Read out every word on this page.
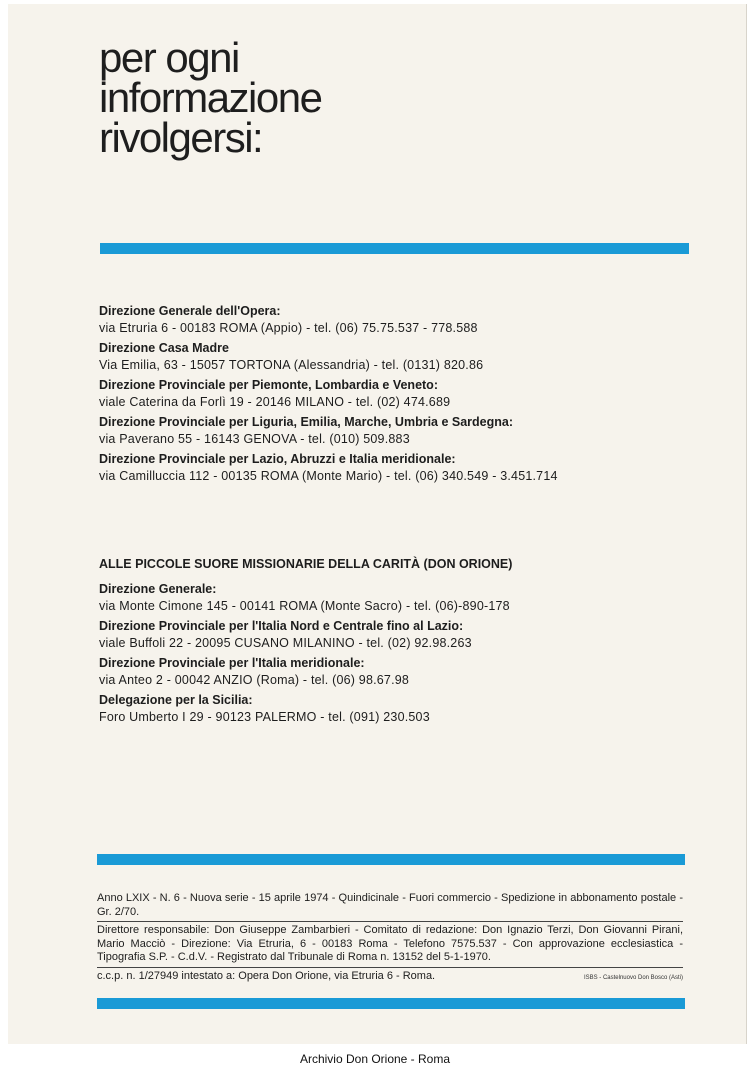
per ogni
informazione
rivolgersi:
Direzione Generale dell'Opera:
via Etruria 6 - 00183 ROMA (Appio) - tel. (06) 75.75.537 - 778.588
Direzione Casa Madre
Via Emilia, 63 - 15057 TORTONA (Alessandria) - tel. (0131) 820.86
Direzione Provinciale per Piemonte, Lombardia e Veneto:
viale Caterina da Forlì 19 - 20146 MILANO - tel. (02) 474.689
Direzione Provinciale per Liguria, Emilia, Marche, Umbria e Sardegna:
via Paverano 55 - 16143 GENOVA - tel. (010) 509.883
Direzione Provinciale per Lazio, Abruzzi e Italia meridionale:
via Camilluccia 112 - 00135 ROMA (Monte Mario) - tel. (06) 340.549 - 3.451.714
ALLE PICCOLE SUORE MISSIONARIE DELLA CARITÀ (DON ORIONE)
Direzione Generale:
via Monte Cimone 145 - 00141 ROMA (Monte Sacro) - tel. (06)-890-178
Direzione Provinciale per l'Italia Nord e Centrale fino al Lazio:
viale Buffoli 22 - 20095 CUSANO MILANINO - tel. (02) 92.98.263
Direzione Provinciale per l'Italia meridionale:
via Anteo 2 - 00042 ANZIO (Roma) - tel. (06) 98.67.98
Delegazione per la Sicilia:
Foro Umberto I 29 - 90123 PALERMO - tel. (091) 230.503

Anno LXIX - N. 6 - Nuova serie - 15 aprile 1974 - Quindicinale - Fuori commercio - Spedizione in abbonamento postale - Gr. 2/70.

Direttore responsabile: Don Giuseppe Zambarbieri - Comitato di redazione: Don Ignazio Terzi, Don Giovanni Pirani, Mario Macciò - Direzione: Via Etruria, 6 - 00183 Roma - Telefono 7575.537 - Con approvazione ecclesiastica - Tipografia S.P. - C.d.V. - Registrato dal Tribunale di Roma n. 13152 del 5-1-1970.

c.c.p. n. 1/27949 intestato a: Opera Don Orione, via Etruria 6 - Roma.	ISBS - Castelnuovo Don Bosco (Asti)
Archivio Don Orione - Roma
